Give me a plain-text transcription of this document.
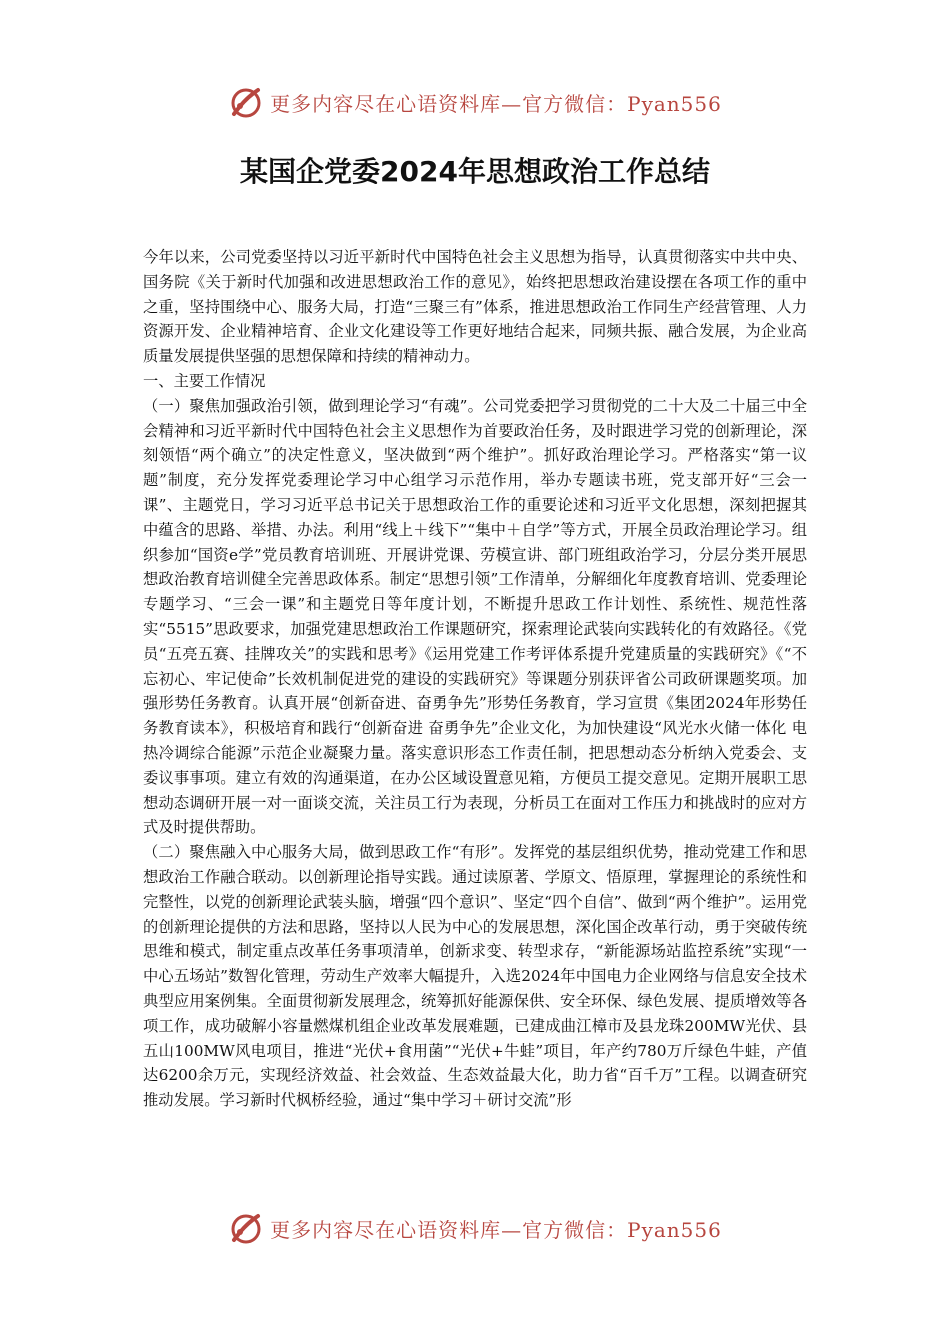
更多内容尽在心语资料库—官方微信：Pyan556
某国企党委2024年思想政治工作总结

今年以来，公司党委坚持以习近平新时代中国特色社会主义思想为指导，认真贯彻落实中共中央、国务院《关于新时代加强和改进思想政治工作的意见》，始终把思想政治建设摆在各项工作的重中之重，坚持围绕中心、服务大局，打造“三聚三有”体系，推进思想政治工作同生产经营管理、人力资源开发、企业精神培育、企业文化建设等工作更好地结合起来，同频共振、融合发展，为企业高质量发展提供坚强的思想保障和持续的精神动力。

一、主要工作情况

（一）聚焦加强政治引领，做到理论学习“有魂”。公司党委把学习贯彻党的二十大及二十届三中全会精神和习近平新时代中国特色社会主义思想作为首要政治任务，及时跟进学习党的创新理论，深刻领悟“两个确立”的决定性意义，坚决做到“两个维护”。抓好政治理论学习。严格落实“第一议题”制度，充分发挥党委理论学习中心组学习示范作用，举办专题读书班，党支部开好“三会一课”、主题党日，学习习近平总书记关于思想政治工作的重要论述和习近平文化思想，深刻把握其中蕴含的思路、举措、办法。利用“线上＋线下”“集中＋自学”等方式，开展全员政治理论学习。组织参加“国资e学”党员教育培训班、开展讲党课、劳模宣讲、部门班组政治学习，分层分类开展思想政治教育培训健全完善思政体系。制定“思想引领”工作清单，分解细化年度教育培训、党委理论专题学习、“三会一课”和主题党日等年度计划，不断提升思政工作计划性、系统性、规范性落实“5515”思政要求，加强党建思想政治工作课题研究，探索理论武装向实践转化的有效路径。《党员“五亮五赛、挂牌攻关”的实践和思考》《运用党建工作考评体系提升党建质量的实践研究》《“不忘初心、牢记使命”长效机制促进党的建设的实践研究》等课题分别获评省公司政研课题奖项。加强形势任务教育。认真开展“创新奋进、奋勇争先”形势任务教育，学习宣贯《集团2024年形势任务教育读本》，积极培育和践行“创新奋进 奋勇争先”企业文化，为加快建设“风光水火储一体化 电热冷调综合能源”示范企业凝聚力量。落实意识形态工作责任制，把思想动态分析纳入党委会、支委议事事项。建立有效的沟通渠道，在办公区域设置意见箱，方便员工提交意见。定期开展职工思想动态调研开展一对一面谈交流，关注员工行为表现，分析员工在面对工作压力和挑战时的应对方式及时提供帮助。

（二）聚焦融入中心服务大局，做到思政工作“有形”。发挥党的基层组织优势，推动党建工作和思想政治工作融合联动。以创新理论指导实践。通过读原著、学原文、悟原理，掌握理论的系统性和完整性，以党的创新理论武装头脑，增强“四个意识”、坚定“四个自信”、做到“两个维护”。运用党的创新理论提供的方法和思路，坚持以人民为中心的发展思想，深化国企改革行动，勇于突破传统思维和模式，制定重点改革任务事项清单，创新求变、转型求存，“新能源场站监控系统”实现“一中心五场站”数智化管理，劳动生产效率大幅提升，入选2024年中国电力企业网络与信息安全技术典型应用案例集。全面贯彻新发展理念，统筹抓好能源保供、安全环保、绿色发展、提质增效等各项工作，成功破解小容量燃煤机组企业改革发展难题，已建成曲江樟市及县龙珠200MW光伏、县五山100MW风电项目，推进“光伏+食用菌”“光伏+牛蛙”项目，年产约780万斤绿色牛蛙，产值达6200余万元，实现经济效益、社会效益、生态效益最大化，助力省“百千万”工程。以调查研究推动发展。学习新时代枫桥经验，通过“集中学习＋研讨交流”形

更多内容尽在心语资料库—官方微信：Pyan556
